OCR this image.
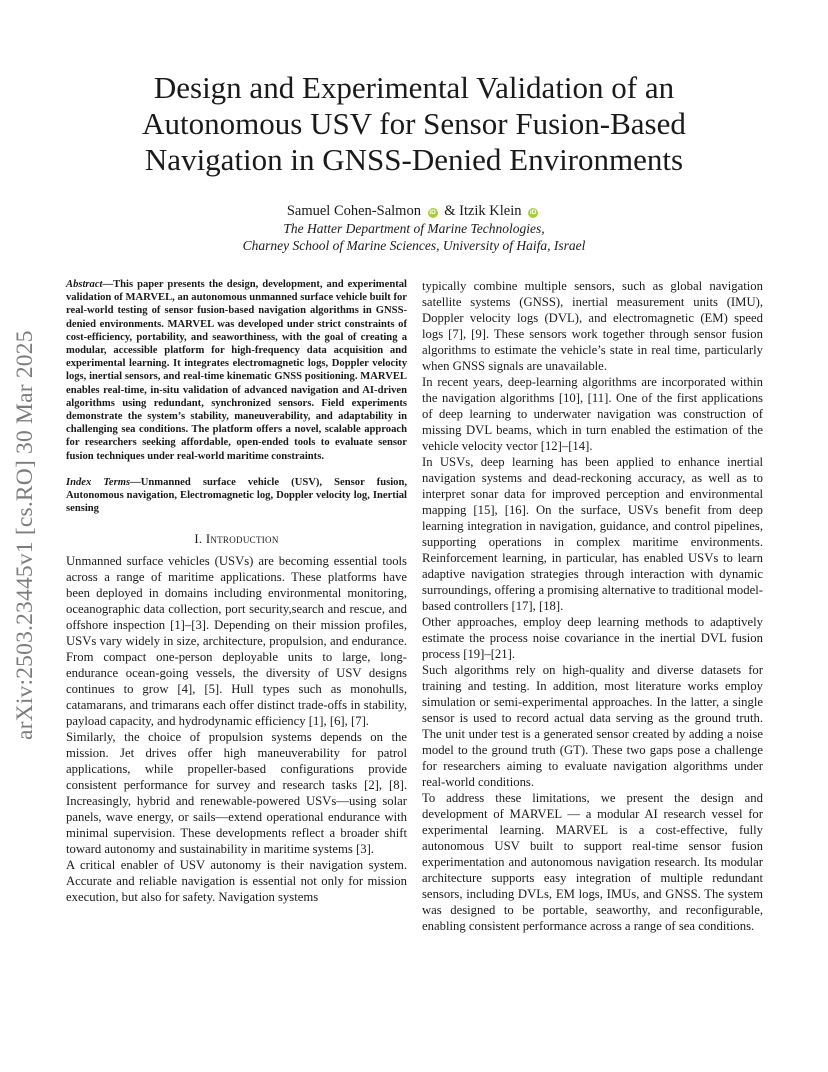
arXiv:2503.23445v1 [cs.RO] 30 Mar 2025
Design and Experimental Validation of an Autonomous USV for Sensor Fusion-Based Navigation in GNSS-Denied Environments
Samuel Cohen-Salmon iD & Itzik Klein iD
The Hatter Department of Marine Technologies,
Charney School of Marine Sciences, University of Haifa, Israel

Abstract—This paper presents the design, development, and experimental validation of MARVEL, an autonomous unmanned surface vehicle built for real-world testing of sensor fusion-based navigation algorithms in GNSS-denied environments. MARVEL was developed under strict constraints of cost-efficiency, portability, and seaworthiness, with the goal of creating a modular, accessible platform for high-frequency data acquisition and experimental learning. It integrates electromagnetic logs, Doppler velocity logs, inertial sensors, and real-time kinematic GNSS positioning. MARVEL enables real-time, in-situ validation of advanced navigation and AI-driven algorithms using redundant, synchronized sensors. Field experiments demonstrate the system’s stability, maneuverability, and adaptability in challenging sea conditions. The platform offers a novel, scalable approach for researchers seeking affordable, open-ended tools to evaluate sensor fusion techniques under real-world maritime constraints.

Index Terms—Unmanned surface vehicle (USV), Sensor fusion, Autonomous navigation, Electromagnetic log, Doppler velocity log, Inertial sensing

I. Introduction

Unmanned surface vehicles (USVs) are becoming essential tools across a range of maritime applications. These platforms have been deployed in domains including environmental monitoring, oceanographic data collection, port security,search and rescue, and offshore inspection [1]–[3]. Depending on their mission profiles, USVs vary widely in size, architecture, propulsion, and endurance. From compact one-person deployable units to large, long-endurance ocean-going vessels, the diversity of USV designs continues to grow [4], [5]. Hull types such as monohulls, catamarans, and trimarans each offer distinct trade-offs in stability, payload capacity, and hydrodynamic efficiency [1], [6], [7].

Similarly, the choice of propulsion systems depends on the mission. Jet drives offer high maneuverability for patrol applications, while propeller-based configurations provide consistent performance for survey and research tasks [2], [8]. Increasingly, hybrid and renewable-powered USVs—using solar panels, wave energy, or sails—extend operational endurance with minimal supervision. These developments reflect a broader shift toward autonomy and sustainability in maritime systems [3].

A critical enabler of USV autonomy is their navigation system. Accurate and reliable navigation is essential not only for mission execution, but also for safety. Navigation systems

typically combine multiple sensors, such as global navigation satellite systems (GNSS), inertial measurement units (IMU), Doppler velocity logs (DVL), and electromagnetic (EM) speed logs [7], [9]. These sensors work together through sensor fusion algorithms to estimate the vehicle’s state in real time, particularly when GNSS signals are unavailable.

In recent years, deep-learning algorithms are incorporated within the navigation algorithms [10], [11]. One of the first applications of deep learning to underwater navigation was construction of missing DVL beams, which in turn enabled the estimation of the vehicle velocity vector [12]–[14].

In USVs, deep learning has been applied to enhance inertial navigation systems and dead-reckoning accuracy, as well as to interpret sonar data for improved perception and environmental mapping [15], [16]. On the surface, USVs benefit from deep learning integration in navigation, guidance, and control pipelines, supporting operations in complex maritime environments. Reinforcement learning, in particular, has enabled USVs to learn adaptive navigation strategies through interaction with dynamic surroundings, offering a promising alternative to traditional model-based controllers [17], [18].

Other approaches, employ deep learning methods to adaptively estimate the process noise covariance in the inertial DVL fusion process [19]–[21].

Such algorithms rely on high-quality and diverse datasets for training and testing. In addition, most literature works employ simulation or semi-experimental approaches. In the latter, a single sensor is used to record actual data serving as the ground truth. The unit under test is a generated sensor created by adding a noise model to the ground truth (GT). These two gaps pose a challenge for researchers aiming to evaluate navigation algorithms under real-world conditions.

To address these limitations, we present the design and development of MARVEL — a modular AI research vessel for experimental learning. MARVEL is a cost-effective, fully autonomous USV built to support real-time sensor fusion experimentation and autonomous navigation research. Its modular architecture supports easy integration of multiple redundant sensors, including DVLs, EM logs, IMUs, and GNSS. The system was designed to be portable, seaworthy, and reconfigurable, enabling consistent performance across a range of sea conditions.
